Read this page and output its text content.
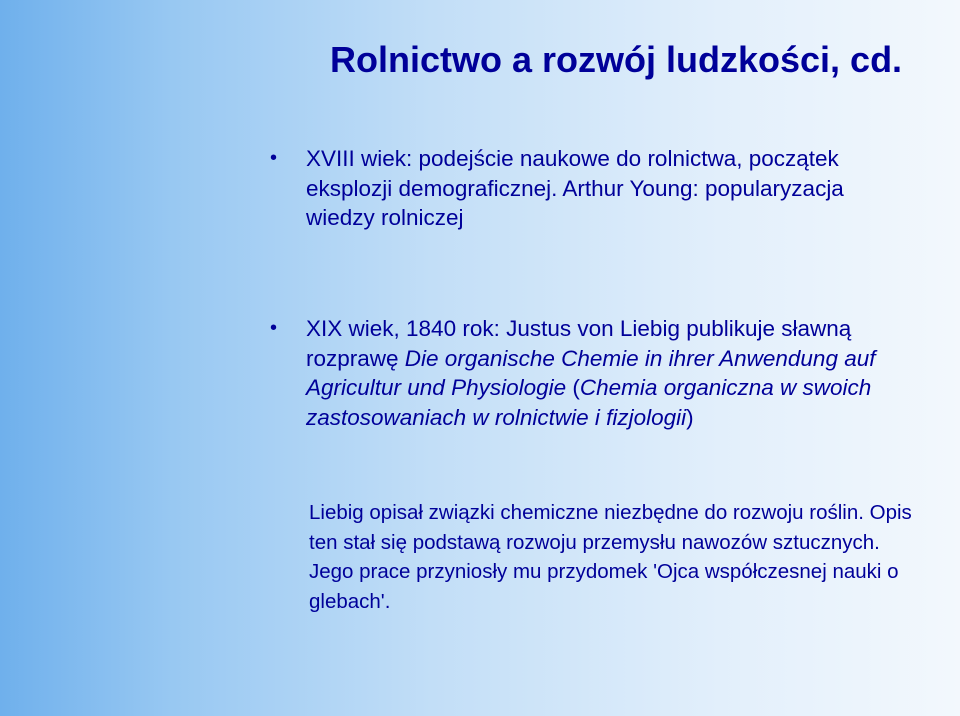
Rolnictwo a rozwój ludzkości, cd.
•	XVIII wiek: podejście naukowe do rolnictwa, początek eksplozji demograficznej. Arthur Young: popularyzacja wiedzy rolniczej
•	XIX wiek, 1840 rok: Justus von Liebig publikuje sławną rozprawę Die organische Chemie in ihrer Anwendung auf Agricultur und Physiologie (Chemia organiczna w swoich zastosowaniach w rolnictwie i fizjologii)
Liebig opisał związki chemiczne niezbędne do rozwoju roślin. Opis ten stał się podstawą rozwoju przemysłu nawozów sztucznych. Jego prace przyniosły mu przydomek 'Ojca współczesnej nauki o glebach'.
